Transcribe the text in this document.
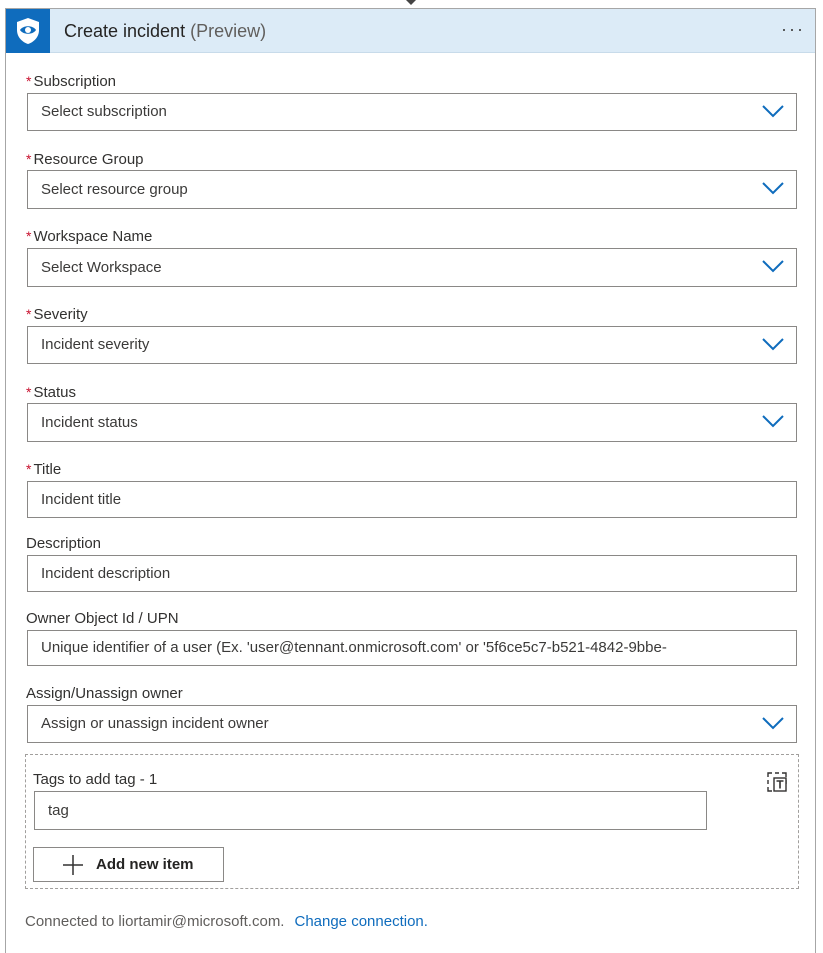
Create incident (Preview)	···
* Subscription
Select subscription
* Resource Group
Select resource group
* Workspace Name
Select Workspace
* Severity
Incident severity
* Status
Incident status
* Title
Incident title
Description
Incident description
Owner Object Id / UPN
Unique identifier of a user (Ex. 'user@tennant.onmicrosoft.com' or '5f6ce5c7-b521-4842-9bbe-
Assign/Unassign owner
Assign or unassign incident owner
Tags to add tag - 1
tag
Add new item
Connected to liortamir@microsoft.com. Change connection.
